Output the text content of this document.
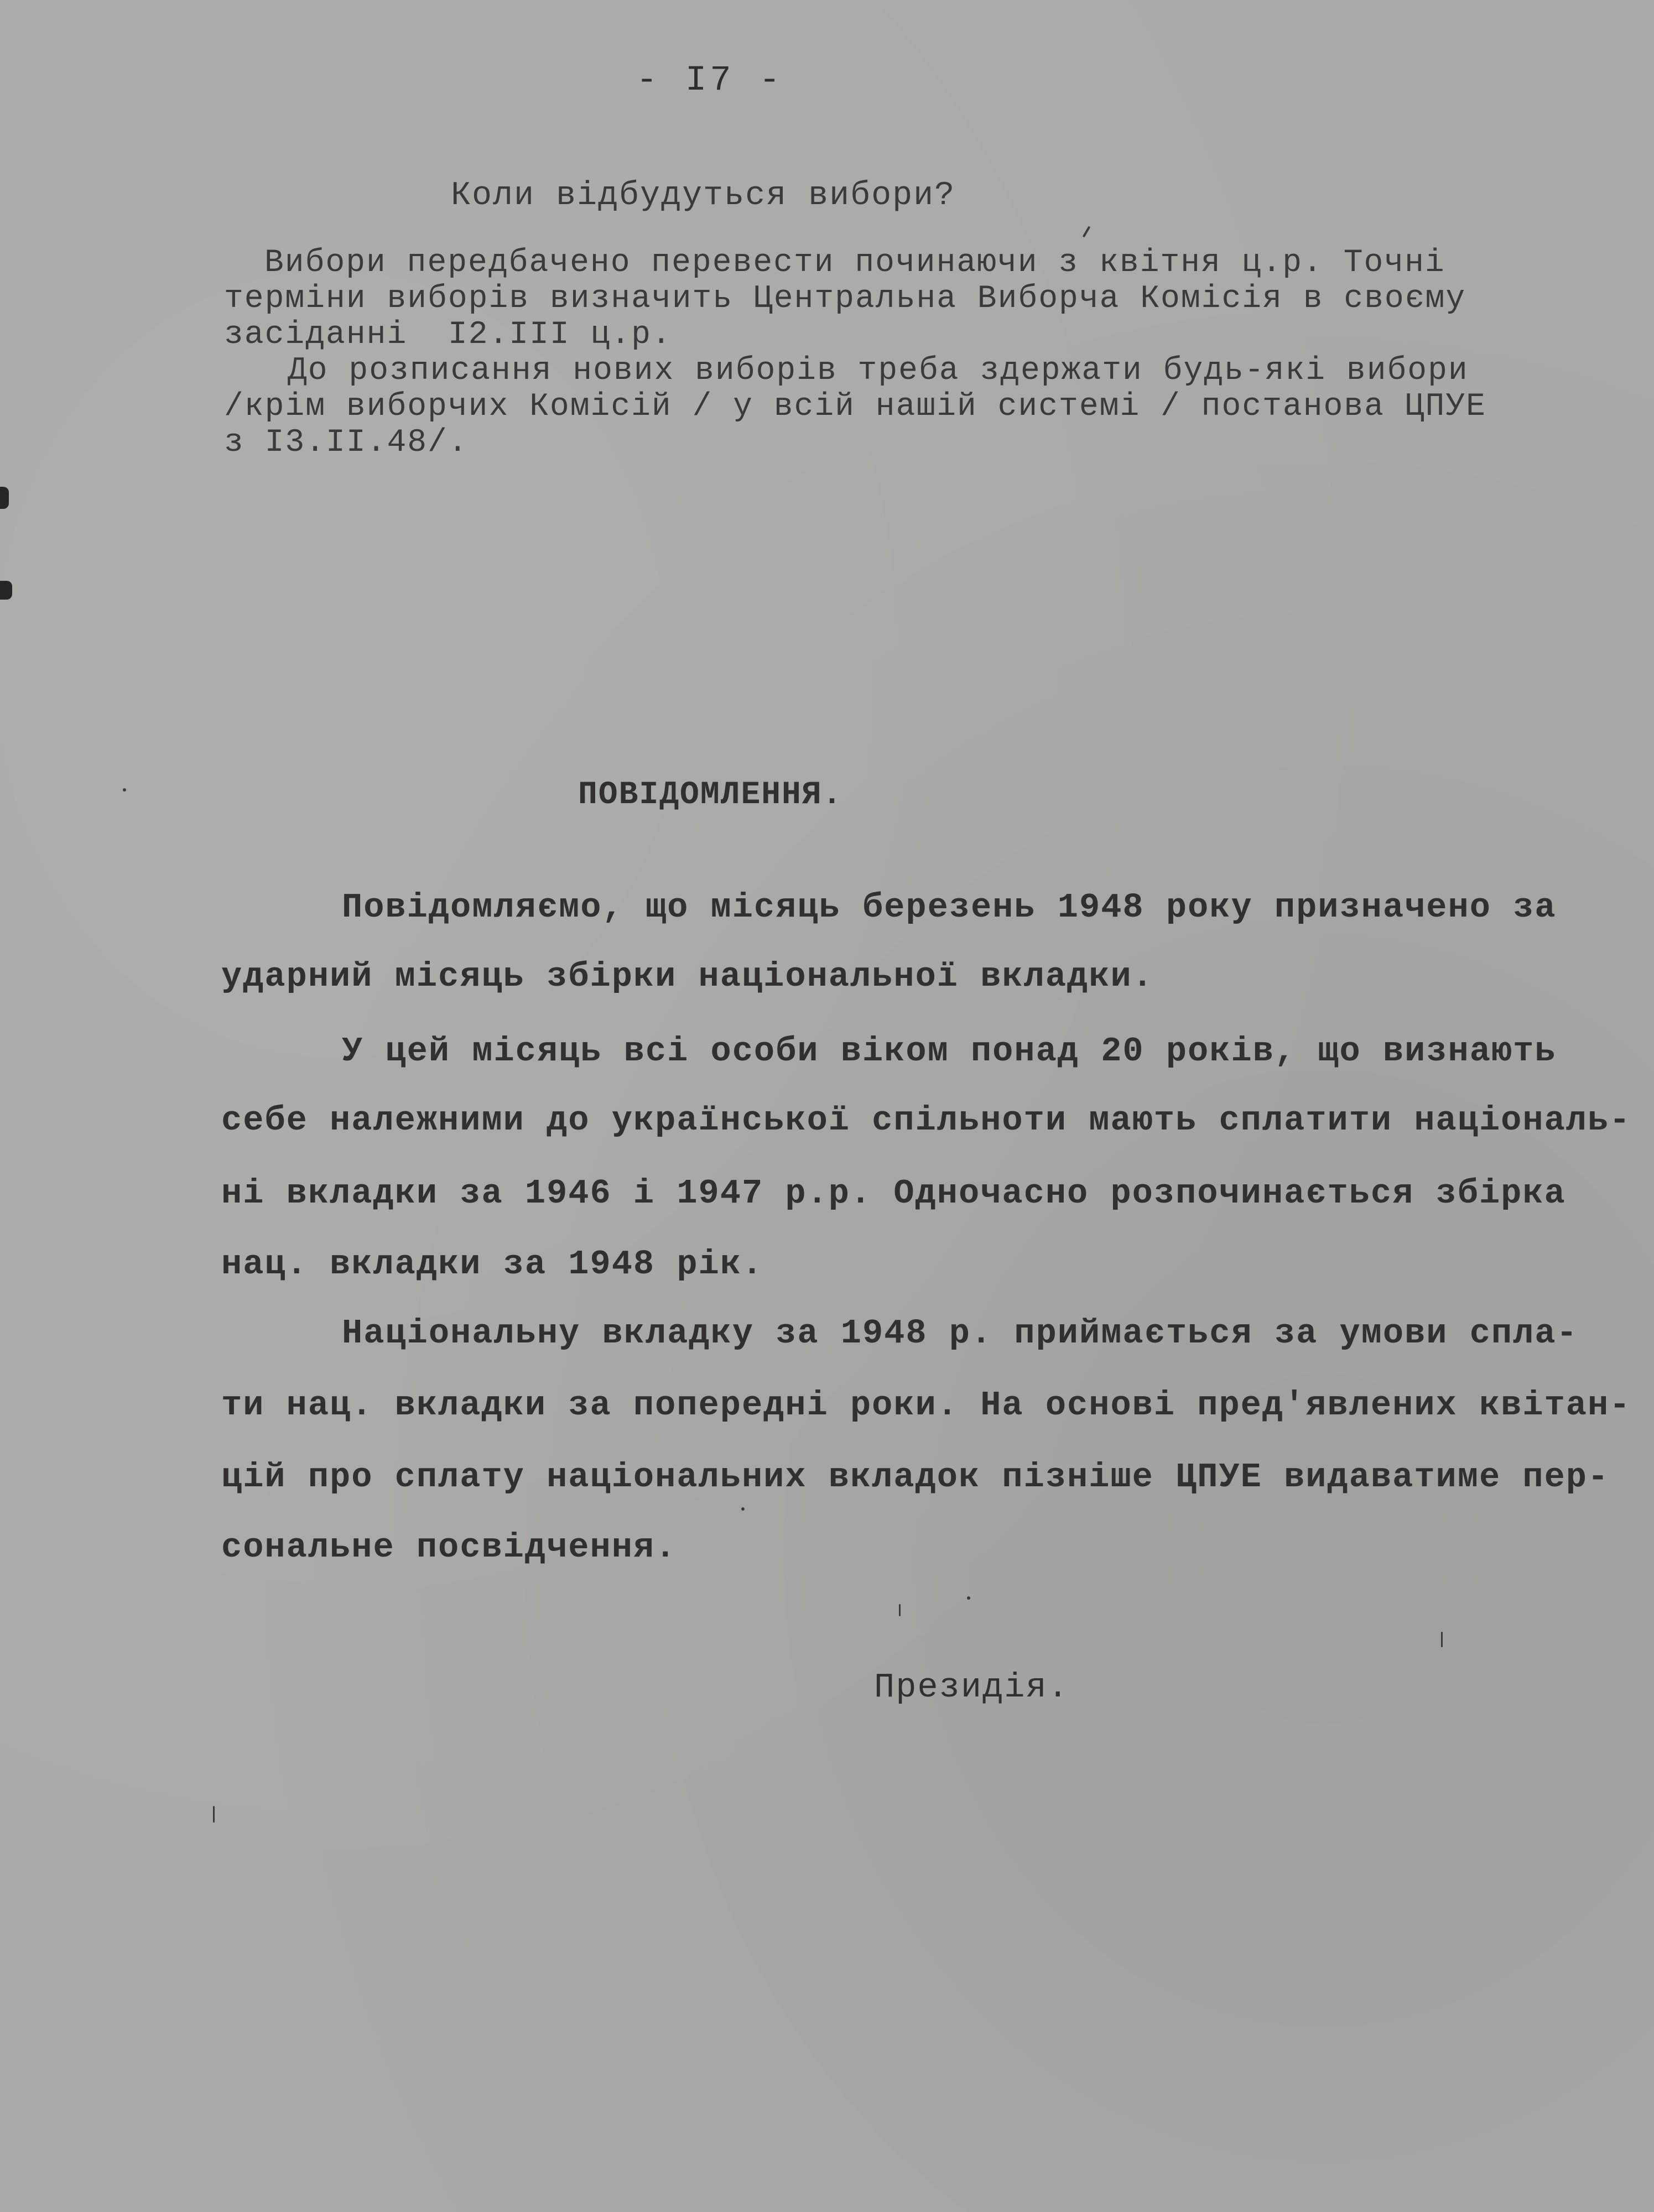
- I7 -
Коли відбудуться вибори?
Вибори передбачено перевести починаючи з квітня ц.р. Точні
терміни виборів визначить Центральна Виборча Комісія в своєму
засіданні  I2.III ц.р.
До розписання нових виборів треба здержати будь-які вибори
/крім виборчих Комісій / у всій нашій системі / постанова ЦПУЕ
з I3.II.48/.
ПОВІДОМЛЕННЯ.
Повідомляємо, що місяць березень 1948 року призначено за
ударний місяць збірки національної вкладки.
У цей місяць всі особи віком понад 20 років, що визнають
себе належними до української спільноти мають сплатити національ-
ні вкладки за 1946 і 1947 р.р. Одночасно розпочинається збірка
нац. вкладки за 1948 рік.
Національну вкладку за 1948 р. приймається за умови спла-
ти нац. вкладки за попередні роки. На основі пред'явлених квітан-
цій про сплату національних вкладок пізніше ЦПУЕ видаватиме пер-
сональне посвідчення.
Президія.
